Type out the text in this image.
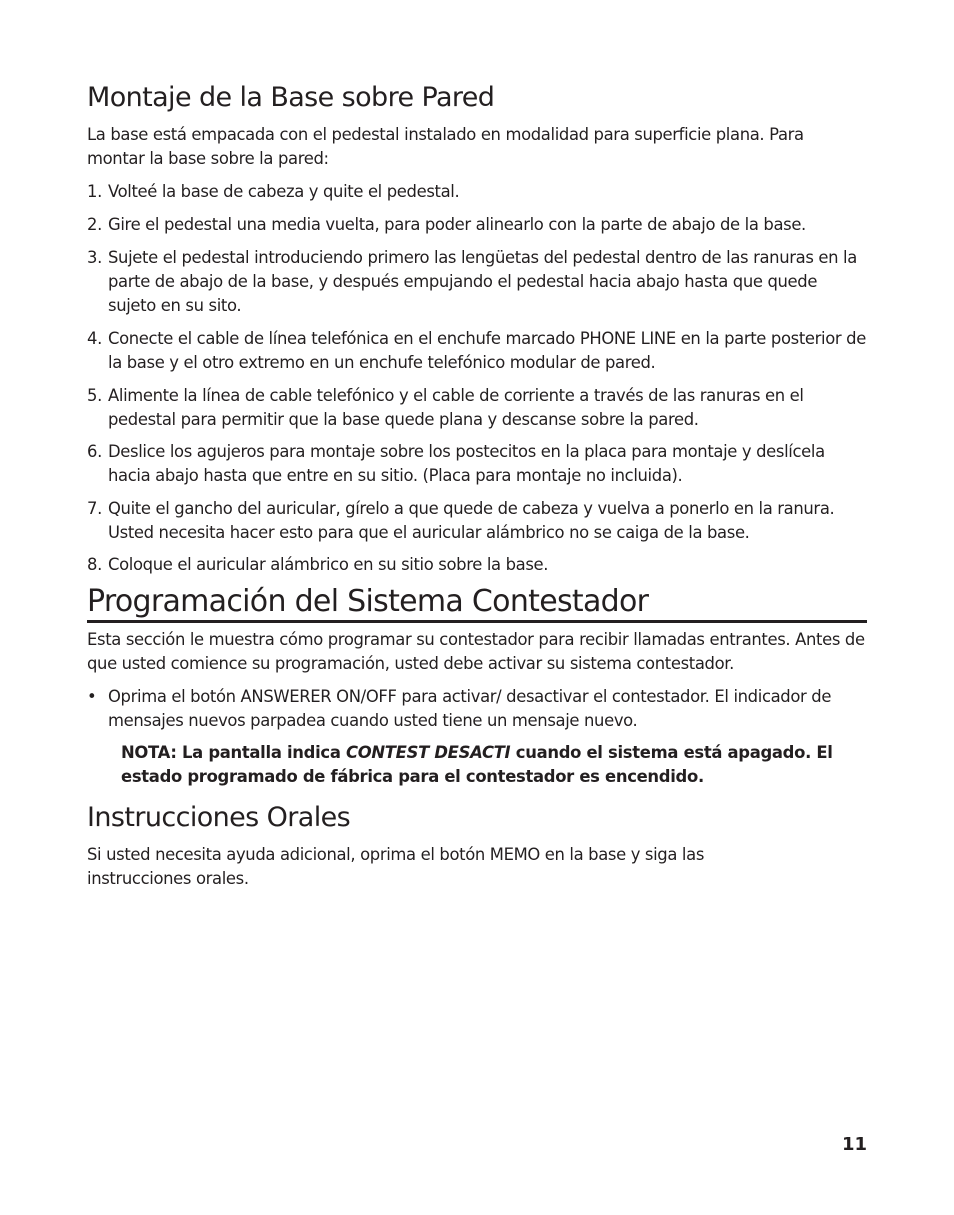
Montaje de la Base sobre Pared

La base está empacada con el pedestal instalado en modalidad para superficie plana. Para montar la base sobre la pared:

1. Volteé la base de cabeza y quite el pedestal.
2. Gire el pedestal una media vuelta, para poder alinearlo con la parte de abajo de la base.
3. Sujete el pedestal introduciendo primero las lengüetas del pedestal dentro de las ranuras en la parte de abajo de la base, y después empujando el pedestal hacia abajo hasta que quede sujeto en su sito.
4. Conecte el cable de línea telefónica en el enchufe marcado PHONE LINE en la parte posterior de la base y el otro extremo en un enchufe telefónico modular de pared.
5. Alimente la línea de cable telefónico y el cable de corriente a través de las ranuras en el pedestal para permitir que la base quede plana y descanse sobre la pared.
6. Deslice los agujeros para montaje sobre los postecitos en la placa para montaje y deslícela hacia abajo hasta que entre en su sitio. (Placa para montaje no incluida).
7. Quite el gancho del auricular, gírelo a que quede de cabeza y vuelva a ponerlo en la ranura. Usted necesita hacer esto para que el auricular alámbrico no se caiga de la base.
8. Coloque el auricular alámbrico en su sitio sobre la base.
Programación del Sistema Contestador

Esta sección le muestra cómo programar su contestador para recibir llamadas entrantes. Antes de que usted comience su programación, usted debe activar su sistema contestador.

• Oprima el botón ANSWERER ON/OFF para activar/ desactivar el contestador. El indicador de mensajes nuevos parpadea cuando usted tiene un mensaje nuevo.
NOTA: La pantalla indica CONTEST DESACTI cuando el sistema está apagado. El estado programado de fábrica para el contestador es encendido.
Instrucciones Orales

Si usted necesita ayuda adicional, oprima el botón MEMO en la base y siga las instrucciones orales.

11
